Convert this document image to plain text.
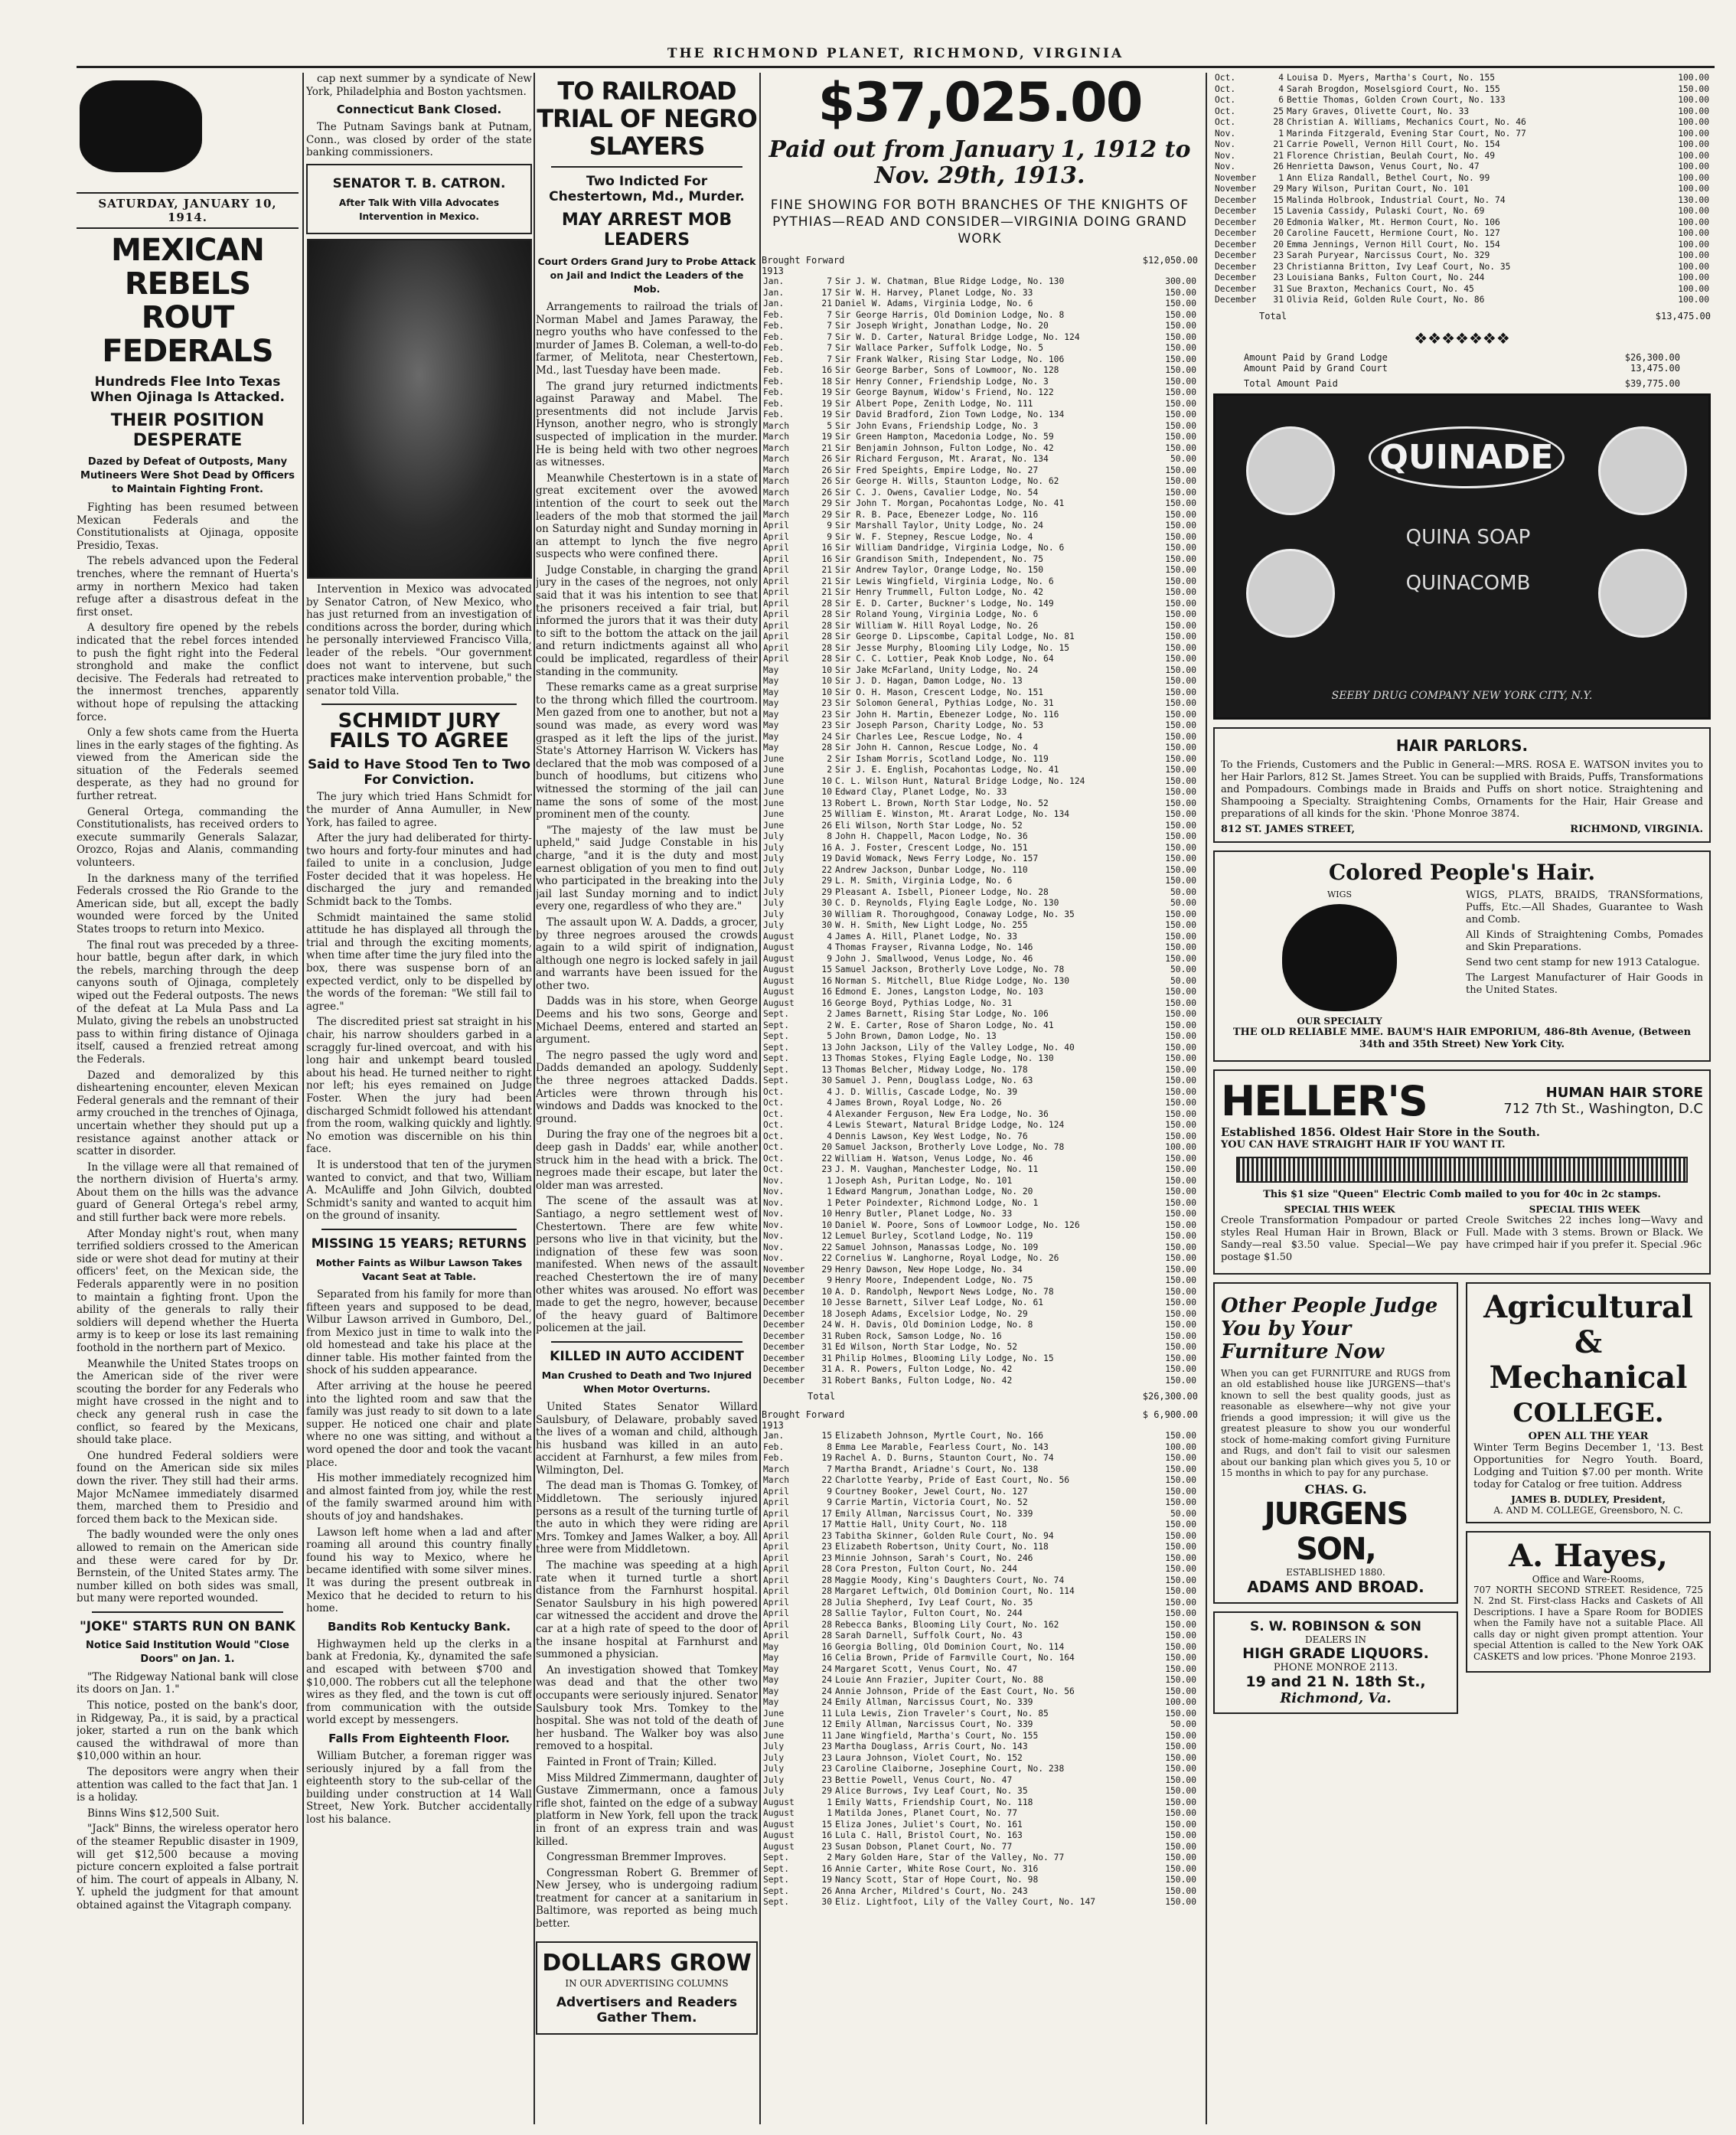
THE RICHMOND PLANET, RICHMOND, VIRGINIA
SATURDAY, JANUARY 10, 1914.
MEXICAN REBELS ROUT FEDERALS
Hundreds Flee Into Texas When Ojinaga Is Attacked.
THEIR POSITION DESPERATE
Dazed by Defeat of Outposts, Many Mutineers Were Shot Dead by Officers to Maintain Fighting Front.

Fighting has been resumed between Mexican Federals and the Constitutionalists at Ojinaga, opposite Presidio, Texas.

The rebels advanced upon the Federal trenches, where the remnant of Huerta's army in northern Mexico had taken refuge after a disastrous defeat in the first onset.

A desultory fire opened by the rebels indicated that the rebel forces intended to push the fight right into the Federal stronghold and make the conflict decisive. The Federals had retreated to the innermost trenches, apparently without hope of repulsing the attacking force.

Only a few shots came from the Huerta lines in the early stages of the fighting. As viewed from the American side the situation of the Federals seemed desperate, as they had no ground for further retreat.

General Ortega, commanding the Constitutionalists, has received orders to execute summarily Generals Salazar, Orozco, Rojas and Alanis, commanding volunteers.

In the darkness many of the terrified Federals crossed the Rio Grande to the American side, but all, except the badly wounded were forced by the United States troops to return into Mexico.

The final rout was preceded by a three-hour battle, begun after dark, in which the rebels, marching through the deep canyons south of Ojinaga, completely wiped out the Federal outposts. The news of the defeat at La Mula Pass and La Mulato, giving the rebels an unobstructed pass to within firing distance of Ojinaga itself, caused a frenzied retreat among the Federals.

Dazed and demoralized by this disheartening encounter, eleven Mexican Federal generals and the remnant of their army crouched in the trenches of Ojinaga, uncertain whether they should put up a resistance against another attack or scatter in disorder.

In the village were all that remained of the northern division of Huerta's army. About them on the hills was the advance guard of General Ortega's rebel army, and still further back were more rebels.

After Monday night's rout, when many terrified soldiers crossed to the American side or were shot dead for mutiny at their officers' feet, on the Mexican side, the Federals apparently were in no position to maintain a fighting front. Upon the ability of the generals to rally their soldiers will depend whether the Huerta army is to keep or lose its last remaining foothold in the northern part of Mexico.

Meanwhile the United States troops on the American side of the river were scouting the border for any Federals who might have crossed in the night and to check any general rush in case the conflict, so feared by the Mexicans, should take place.

One hundred Federal soldiers were found on the American side six miles down the river. They still had their arms. Major McNamee immediately disarmed them, marched them to Presidio and forced them back to the Mexican side.

The badly wounded were the only ones allowed to remain on the American side and these were cared for by Dr. Bernstein, of the United States army. The number killed on both sides was small, but many were reported wounded.

"JOKE" STARTS RUN ON BANK
Notice Said Institution Would "Close Doors" on Jan. 1.

"The Ridgeway National bank will close its doors on Jan. 1."

This notice, posted on the bank's door, in Ridgeway, Pa., it is said, by a practical joker, started a run on the bank which caused the withdrawal of more than $10,000 within an hour.

The depositors were angry when their attention was called to the fact that Jan. 1 is a holiday.

Binns Wins $12,500 Suit.

"Jack" Binns, the wireless operator hero of the steamer Republic disaster in 1909, will get $12,500 because a moving picture concern exploited a false portrait of him. The court of appeals in Albany, N. Y. upheld the judgment for that amount obtained against the Vitagraph company.

cap next summer by a syndicate of New York, Philadelphia and Boston yachtsmen.

Connecticut Bank Closed.

The Putnam Savings bank at Putnam, Conn., was closed by order of the state banking commissioners.

SENATOR T. B. CATRON.
After Talk With Villa Advocates Intervention in Mexico.

Intervention in Mexico was advocated by Senator Catron, of New Mexico, who has just returned from an investigation of conditions across the border, during which he personally interviewed Francisco Villa, leader of the rebels. "Our government does not want to intervene, but such practices make intervention probable," the senator told Villa.

SCHMIDT JURY FAILS TO AGREE
Said to Have Stood Ten to Two For Conviction.

The jury which tried Hans Schmidt for the murder of Anna Aumuller, in New York, has failed to agree.

After the jury had deliberated for thirty-two hours and forty-four minutes and had failed to unite in a conclusion, Judge Foster decided that it was hopeless. He discharged the jury and remanded Schmidt back to the Tombs.

Schmidt maintained the same stolid attitude he has displayed all through the trial and through the exciting moments, when time after time the jury filed into the box, there was suspense born of an expected verdict, only to be dispelled by the words of the foreman: "We still fail to agree."

The discredited priest sat straight in his chair, his narrow shoulders garbed in a scraggly fur-lined overcoat, and with his long hair and unkempt beard tousled about his head. He turned neither to right nor left; his eyes remained on Judge Foster. When the jury had been discharged Schmidt followed his attendant from the room, walking quickly and lightly. No emotion was discernible on his thin face.

It is understood that ten of the jurymen wanted to convict, and that two, William A. McAuliffe and John Gilvich, doubted Schmidt's sanity and wanted to acquit him on the ground of insanity.

MISSING 15 YEARS; RETURNS
Mother Faints as Wilbur Lawson Takes Vacant Seat at Table.

Separated from his family for more than fifteen years and supposed to be dead, Wilbur Lawson arrived in Gumboro, Del., from Mexico just in time to walk into the old homestead and take his place at the dinner table. His mother fainted from the shock of his sudden appearance.

After arriving at the house he peered into the lighted room and saw that the family was just ready to sit down to a late supper. He noticed one chair and plate where no one was sitting, and without a word opened the door and took the vacant place.

His mother immediately recognized him and almost fainted from joy, while the rest of the family swarmed around him with shouts of joy and handshakes.

Lawson left home when a lad and after roaming all around this country finally found his way to Mexico, where he became identified with some silver mines. It was during the present outbreak in Mexico that he decided to return to his home.

Bandits Rob Kentucky Bank.

Highwaymen held up the clerks in a bank at Fredonia, Ky., dynamited the safe and escaped with between $700 and $10,000. The robbers cut all the telephone wires as they fled, and the town is cut off from communication with the outside world except by messengers.

Falls From Eighteenth Floor.

William Butcher, a foreman rigger was seriously injured by a fall from the eighteenth story to the sub-cellar of the building under construction at 14 Wall Street, New York. Butcher accidentally lost his balance.

TO RAILROAD TRIAL OF NEGRO SLAYERS
Two Indicted For Chestertown, Md., Murder.
MAY ARREST MOB LEADERS
Court Orders Grand Jury to Probe Attack on Jail and Indict the Leaders of the Mob.

Arrangements to railroad the trials of Norman Mabel and James Paraway, the negro youths who have confessed to the murder of James B. Coleman, a well-to-do farmer, of Melitota, near Chestertown, Md., last Tuesday have been made.

The grand jury returned indictments against Paraway and Mabel. The presentments did not include Jarvis Hynson, another negro, who is strongly suspected of implication in the murder. He is being held with two other negroes as witnesses.

Meanwhile Chestertown is in a state of great excitement over the avowed intention of the court to seek out the leaders of the mob that stormed the jail on Saturday night and Sunday morning in an attempt to lynch the five negro suspects who were confined there.

Judge Constable, in charging the grand jury in the cases of the negroes, not only said that it was his intention to see that the prisoners received a fair trial, but informed the jurors that it was their duty to sift to the bottom the attack on the jail and return indictments against all who could be implicated, regardless of their standing in the community.

These remarks came as a great surprise to the throng which filled the courtroom. Men gazed from one to another, but not a sound was made, as every word was grasped as it left the lips of the jurist. State's Attorney Harrison W. Vickers has declared that the mob was composed of a bunch of hoodlums, but citizens who witnessed the storming of the jail can name the sons of some of the most prominent men of the county.

"The majesty of the law must be upheld," said Judge Constable in his charge, "and it is the duty and most earnest obligation of you men to find out who participated in the breaking into the jail last Sunday morning and to indict every one, regardless of who they are."

The assault upon W. A. Dadds, a grocer, by three negroes aroused the crowds again to a wild spirit of indignation, although one negro is locked safely in jail and warrants have been issued for the other two.

Dadds was in his store, when George Deems and his two sons, George and Michael Deems, entered and started an argument.

The negro passed the ugly word and Dadds demanded an apology. Suddenly the three negroes attacked Dadds. Articles were thrown through his windows and Dadds was knocked to the ground.

During the fray one of the negroes bit a deep gash in Dadds' ear, while another struck him in the head with a brick. The negroes made their escape, but later the older man was arrested.

The scene of the assault was at Santiago, a negro settlement west of Chestertown. There are few white persons who live in that vicinity, but the indignation of these few was soon manifested. When news of the assault reached Chestertown the ire of many other whites was aroused. No effort was made to get the negro, however, because of the heavy guard of Baltimore policemen at the jail.

KILLED IN AUTO ACCIDENT
Man Crushed to Death and Two Injured When Motor Overturns.

United States Senator Willard Saulsbury, of Delaware, probably saved the lives of a woman and child, although his husband was killed in an auto accident at Farnhurst, a few miles from Wilmington, Del.

The dead man is Thomas G. Tomkey, of Middletown. The seriously injured persons as a result of the turning turtle of the auto in which they were riding are Mrs. Tomkey and James Walker, a boy. All three were from Middletown.

The machine was speeding at a high rate when it turned turtle a short distance from the Farnhurst hospital. Senator Saulsbury in his high powered car witnessed the accident and drove the car at a high rate of speed to the door of the insane hospital at Farnhurst and summoned a physician.

An investigation showed that Tomkey was dead and that the other two occupants were seriously injured. Senator Saulsbury took Mrs. Tomkey to the hospital. She was not told of the death of her husband. The Walker boy was also removed to a hospital.

Fainted in Front of Train; Killed.

Miss Mildred Zimmermann, daughter of Gustave Zimmermann, once a famous rifle shot, fainted on the edge of a subway platform in New York, fell upon the track in front of an express train and was killed.

Congressman Bremmer Improves.

Congressman Robert G. Bremmer of New Jersey, who is undergoing radium treatment for cancer at a sanitarium in Baltimore, was reported as being much better.

DOLLARS GROW
IN OUR ADVERTISING COLUMNS
Advertisers and Readers Gather Them.
$37,025.00
Paid out from January 1, 1912 to Nov. 29th, 1913.
FINE SHOWING FOR BOTH BRANCHES OF THE KNIGHTS OF PYTHIAS—READ AND CONSIDER—VIRGINIA DOING GRAND WORK
Brought Forward	$12,050.00
1913
Jan.	7	Sir J. W. Chatman, Blue Ridge Lodge, No. 130	300.00
Jan.	17	Sir W. H. Harvey, Planet Lodge, No. 33	150.00
Jan.	21	Daniel W. Adams, Virginia Lodge, No. 6	150.00
Feb.	7	Sir George Harris, Old Dominion Lodge, No. 8	150.00
Feb.	7	Sir Joseph Wright, Jonathan Lodge, No. 20	150.00
Feb.	7	Sir W. D. Carter, Natural Bridge Lodge, No. 124	150.00
Feb.	7	Sir Wallace Parker, Suffolk Lodge, No. 5	150.00
Feb.	7	Sir Frank Walker, Rising Star Lodge, No. 106	150.00
Feb.	16	Sir George Barber, Sons of Lowmoor, No. 128	150.00
Feb.	18	Sir Henry Conner, Friendship Lodge, No. 3	150.00
Feb.	19	Sir George Baynum, Widow's Friend, No. 122	150.00
Feb.	19	Sir Albert Pope, Zenith Lodge, No. 111	150.00
Feb.	19	Sir David Bradford, Zion Town Lodge, No. 134	150.00
March	5	Sir John Evans, Friendship Lodge, No. 3	150.00
March	19	Sir Green Hampton, Macedonia Lodge, No. 59	150.00
March	21	Sir Benjamin Johnson, Fulton Lodge, No. 42	150.00
March	26	Sir Richard Ferguson, Mt. Ararat, No. 134	50.00
March	26	Sir Fred Speights, Empire Lodge, No. 27	150.00
March	26	Sir George H. Wills, Staunton Lodge, No. 62	150.00
March	26	Sir C. J. Owens, Cavalier Lodge, No. 54	150.00
March	29	Sir John T. Morgan, Pocahontas Lodge, No. 41	150.00
March	29	Sir R. B. Pace, Ebenezer Lodge, No. 116	150.00
April	9	Sir Marshall Taylor, Unity Lodge, No. 24	150.00
April	9	Sir W. F. Stepney, Rescue Lodge, No. 4	150.00
April	16	Sir William Dandridge, Virginia Lodge, No. 6	150.00
April	16	Sir Grandison Smith, Independent, No. 75	150.00
April	21	Sir Andrew Taylor, Orange Lodge, No. 150	150.00
April	21	Sir Lewis Wingfield, Virginia Lodge, No. 6	150.00
April	21	Sir Henry Trummell, Fulton Lodge, No. 42	150.00
April	28	Sir E. D. Carter, Buckner's Lodge, No. 149	150.00
April	28	Sir Roland Young, Virginia Lodge, No. 6	150.00
April	28	Sir William W. Hill Royal Lodge, No. 26	150.00
April	28	Sir George D. Lipscombe, Capital Lodge, No. 81	150.00
April	28	Sir Jesse Murphy, Blooming Lily Lodge, No. 15	150.00
April	28	Sir C. C. Lottier, Peak Knob Lodge, No. 64	150.00
May	10	Sir Jake McFarland, Unity Lodge, No. 24	150.00
May	10	Sir J. D. Hagan, Damon Lodge, No. 13	150.00
May	10	Sir O. H. Mason, Crescent Lodge, No. 151	150.00
May	23	Sir Solomon General, Pythias Lodge, No. 31	150.00
May	23	Sir John H. Martin, Ebenezer Lodge, No. 116	150.00
May	23	Sir Joseph Parson, Charity Lodge, No. 53	150.00
May	24	Sir Charles Lee, Rescue Lodge, No. 4	150.00
May	28	Sir John H. Cannon, Rescue Lodge, No. 4	150.00
June	2	Sir Isham Morris, Scotland Lodge, No. 119	150.00
June	2	Sir J. E. English, Pocahontas Lodge, No. 41	150.00
June	10	C. L. Wilson Hunt, Natural Bridge Lodge, No. 124	150.00
June	10	Edward Clay, Planet Lodge, No. 33	150.00
June	13	Robert L. Brown, North Star Lodge, No. 52	150.00
June	25	William E. Winston, Mt. Ararat Lodge, No. 134	150.00
June	26	Eli Wilson, North Star Lodge, No. 52	150.00
July	8	John H. Chappell, Macon Lodge, No. 36	150.00
July	16	A. J. Foster, Crescent Lodge, No. 151	150.00
July	19	David Womack, News Ferry Lodge, No. 157	150.00
July	22	Andrew Jackson, Dunbar Lodge, No. 110	150.00
July	29	L. M. Smith, Virginia Lodge, No. 6	150.00
July	29	Pleasant A. Isbell, Pioneer Lodge, No. 28	50.00
July	30	C. D. Reynolds, Flying Eagle Lodge, No. 130	50.00
July	30	William R. Thoroughgood, Conaway Lodge, No. 35	150.00
July	30	W. H. Smith, New Light Lodge, No. 255	150.00
August	4	James A. Hill, Planet Lodge, No. 33	150.00
August	4	Thomas Frayser, Rivanna Lodge, No. 146	150.00
August	9	John J. Smallwood, Venus Lodge, No. 46	150.00
August	15	Samuel Jackson, Brotherly Love Lodge, No. 78	50.00
August	16	Norman S. Mitchell, Blue Ridge Lodge, No. 130	50.00
August	16	Edmond E. Jones, Langston Lodge, No. 103	150.00
August	16	George Boyd, Pythias Lodge, No. 31	150.00
Sept.	2	James Barnett, Rising Star Lodge, No. 106	150.00
Sept.	2	W. E. Carter, Rose of Sharon Lodge, No. 41	150.00
Sept.	5	John Brown, Damon Lodge, No. 13	150.00
Sept.	13	John Jackson, Lily of the Valley Lodge, No. 40	150.00
Sept.	13	Thomas Stokes, Flying Eagle Lodge, No. 130	150.00
Sept.	13	Thomas Belcher, Midway Lodge, No. 178	150.00
Sept.	30	Samuel J. Penn, Douglass Lodge, No. 63	150.00
Oct.	4	J. D. Willis, Cascade Lodge, No. 39	150.00
Oct.	4	James Brown, Royal Lodge, No. 26	150.00
Oct.	4	Alexander Ferguson, New Era Lodge, No. 36	150.00
Oct.	4	Lewis Stewart, Natural Bridge Lodge, No. 124	150.00
Oct.	4	Dennis Lawson, Key West Lodge, No. 76	150.00
Oct.	20	Samuel Jackson, Brotherly Love Lodge, No. 78	100.00
Oct.	22	William H. Watson, Venus Lodge, No. 46	150.00
Oct.	23	J. M. Vaughan, Manchester Lodge, No. 11	150.00
Nov.	1	Joseph Ash, Puritan Lodge, No. 101	150.00
Nov.	1	Edward Mangrum, Jonathan Lodge, No. 20	150.00
Nov.	1	Peter Poindexter, Richmond Lodge, No. 1	150.00
Nov.	10	Henry Butler, Planet Lodge, No. 33	150.00
Nov.	10	Daniel W. Poore, Sons of Lowmoor Lodge, No. 126	150.00
Nov.	12	Lemuel Burley, Scotland Lodge, No. 119	150.00
Nov.	22	Samuel Johnson, Manassas Lodge, No. 109	150.00
Nov.	22	Cornelius W. Langhorne, Royal Lodge, No. 26	150.00
November	29	Henry Dawson, New Hope Lodge, No. 34	150.00
December	9	Henry Moore, Independent Lodge, No. 75	150.00
December	10	A. D. Randolph, Newport News Lodge, No. 78	150.00
December	10	Jesse Barnett, Silver Leaf Lodge, No. 61	150.00
December	18	Joseph Adams, Excelsior Lodge, No. 29	150.00
December	24	W. H. Davis, Old Dominion Lodge, No. 8	150.00
December	31	Ruben Rock, Samson Lodge, No. 16	150.00
December	31	Ed Wilson, North Star Lodge, No. 52	150.00
December	31	Philip Holmes, Blooming Lily Lodge, No. 15	150.00
December	31	A. R. Powers, Fulton Lodge, No. 42	150.00
December	31	Robert Banks, Fulton Lodge, No. 42	150.00
Total	$26,300.00
Brought Forward	$ 6,900.00
1913
Jan.	15	Elizabeth Johnson, Myrtle Court, No. 166	150.00
Feb.	8	Emma Lee Marable, Fearless Court, No. 143	100.00
Feb.	19	Rachel A. D. Burns, Staunton Court, No. 74	150.00
March	7	Martha Brandt, Ariadne's Court, No. 138	150.00
March	22	Charlotte Yearby, Pride of East Court, No. 56	150.00
April	9	Courtney Booker, Jewel Court, No. 127	150.00
April	9	Carrie Martin, Victoria Court, No. 52	150.00
April	17	Emily Allman, Narcissus Court, No. 339	50.00
April	17	Mattie Hall, Unity Court, No. 118	150.00
April	23	Tabitha Skinner, Golden Rule Court, No. 94	150.00
April	23	Elizabeth Robertson, Unity Court, No. 118	150.00
April	23	Minnie Johnson, Sarah's Court, No. 246	150.00
April	28	Cora Preston, Fulton Court, No. 244	150.00
April	28	Maggie Moody, King's Daughters Court, No. 74	150.00
April	28	Margaret Leftwich, Old Dominion Court, No. 114	150.00
April	28	Julia Shepherd, Ivy Leaf Court, No. 35	150.00
April	28	Sallie Taylor, Fulton Court, No. 244	150.00
April	28	Rebecca Banks, Blooming Lily Court, No. 162	150.00
April	28	Sarah Darnell, Suffolk Court, No. 43	150.00
May	16	Georgia Bolling, Old Dominion Court, No. 114	150.00
May	16	Celia Brown, Pride of Farmville Court, No. 164	150.00
May	24	Margaret Scott, Venus Court, No. 47	150.00
May	24	Louie Ann Frazier, Jupiter Court, No. 88	150.00
May	24	Annie Johnson, Pride of the East Court, No. 56	150.00
May	24	Emily Allman, Narcissus Court, No. 339	100.00
June	11	Lula Lewis, Zion Traveler's Court, No. 85	150.00
June	12	Emily Allman, Narcissus Court, No. 339	50.00
June	11	Jane Wingfield, Martha's Court, No. 155	150.00
July	23	Martha Douglass, Arris Court, No. 143	150.00
July	23	Laura Johnson, Violet Court, No. 152	150.00
July	23	Caroline Claiborne, Josephine Court, No. 238	150.00
July	23	Bettie Powell, Venus Court, No. 47	150.00
July	29	Alice Burrows, Ivy Leaf Court, No. 35	150.00
August	1	Emily Watts, Friendship Court, No. 118	150.00
August	1	Matilda Jones, Planet Court, No. 77	150.00
August	15	Eliza Jones, Juliet's Court, No. 161	150.00
August	16	Lula C. Hall, Bristol Court, No. 163	150.00
August	23	Susan Dobson, Planet Court, No. 77	150.00
Sept.	2	Mary Golden Hare, Star of the Valley, No. 77	150.00
Sept.	16	Annie Carter, White Rose Court, No. 316	150.00
Sept.	19	Nancy Scott, Star of Hope Court, No. 98	150.00
Sept.	26	Anna Archer, Mildred's Court, No. 243	150.00
Sept.	30	Eliz. Lightfoot, Lily of the Valley Court, No. 147	150.00
Oct.	4	Louisa D. Myers, Martha's Court, No. 155	100.00
Oct.	4	Sarah Brogdon, Moselsgiord Court, No. 155	150.00
Oct.	6	Bettie Thomas, Golden Crown Court, No. 133	100.00
Oct.	25	Mary Graves, Olivette Court, No. 33	100.00
Oct.	28	Christian A. Williams, Mechanics Court, No. 46	100.00
Nov.	1	Marinda Fitzgerald, Evening Star Court, No. 77	100.00
Nov.	21	Carrie Powell, Vernon Hill Court, No. 154	100.00
Nov.	21	Florence Christian, Beulah Court, No. 49	100.00
Nov.	26	Henrietta Dawson, Venus Court, No. 47	100.00
November	1	Ann Eliza Randall, Bethel Court, No. 99	100.00
November	29	Mary Wilson, Puritan Court, No. 101	100.00
December	15	Malinda Holbrook, Industrial Court, No. 74	130.00
December	15	Lavenia Cassidy, Pulaski Court, No. 69	100.00
December	20	Edmonia Walker, Mt. Hermon Court, No. 106	100.00
December	20	Caroline Faucett, Hermione Court, No. 127	100.00
December	20	Emma Jennings, Vernon Hill Court, No. 154	100.00
December	23	Sarah Puryear, Narcissus Court, No. 329	100.00
December	23	Christianna Britton, Ivy Leaf Court, No. 35	100.00
December	23	Louisiana Banks, Fulton Court, No. 244	100.00
December	31	Sue Braxton, Mechanics Court, No. 45	100.00
December	31	Olivia Reid, Golden Rule Court, No. 86	100.00
Total	$13,475.00
❖❖❖❖❖❖❖
Amount Paid by Grand Lodge	$26,300.00
Amount Paid by Grand Court	13,475.00
Total Amount Paid	$39,775.00
QUINADE
QUINA SOAP
QUINACOMB
SEEBY DRUG COMPANY NEW YORK CITY, N.Y.
HAIR PARLORS.

To the Friends, Customers and the Public in General:—MRS. ROSA E. WATSON invites you to her Hair Parlors, 812 St. James Street. You can be supplied with Braids, Puffs, Transformations and Pompadours. Combings made in Braids and Puffs on short notice. Straightening and Shampooing a Specialty. Straightening Combs, Ornaments for the Hair, Hair Grease and preparations of all kinds for the skin. 'Phone Monroe 3874.

812 ST. JAMES STREET,	RICHMOND, VIRGINIA.
Colored People's Hair.
WIGS
OUR SPECIALTY

WIGS, PLATS, BRAIDS, TRANSformations, Puffs, Etc.—All Shades, Guarantee to Wash and Comb.

All Kinds of Straightening Combs, Pomades and Skin Preparations.

Send two cent stamp for new 1913 Catalogue.

The Largest Manufacturer of Hair Goods in the United States.

THE OLD RELIABLE MME. BAUM'S HAIR EMPORIUM, 486-8th Avenue, (Between 34th and 35th Street) New York City.

HELLER'S	HUMAN HAIR STORE
712 7th St., Washington, D.C
Established 1856. Oldest Hair Store in the South.
YOU CAN HAVE STRAIGHT HAIR IF YOU WANT IT.

This $1 size "Queen" Electric Comb mailed to you for 40c in 2c stamps.

SPECIAL THIS WEEK

Creole Transformation Pompadour or parted styles Real Human Hair in Brown, Black or Sandy—real $3.50 value. Special—We pay postage $1.50

SPECIAL THIS WEEK

Creole Switches 22 inches long—Wavy and Full. Made with 3 stems. Brown or Black. We have crimped hair if you prefer it. Special .96c

Other People Judge You by Your Furniture Now

When you can get FURNITURE and RUGS from an old established house like JURGENS—that's known to sell the best quality goods, just as reasonable as elsewhere—why not give your friends a good impression; it will give us the greatest pleasure to show you our wonderful stock of home-making comfort giving Furniture and Rugs, and don't fail to visit our salesmen about our banking plan which gives you 5, 10 or 15 months in which to pay for any purchase.

CHAS. G.
JURGENS SON,
ESTABLISHED 1880.
ADAMS AND BROAD.
S. W. ROBINSON & SON
DEALERS IN
HIGH GRADE LIQUORS.
PHONE MONROE 2113.
19 and 21 N. 18th St.,
Richmond, Va.
Agricultural & Mechanical
COLLEGE.
OPEN ALL THE YEAR

Winter Term Begins December 1, '13. Best Opportunities for Negro Youth. Board, Lodging and Tuition $7.00 per month. Write today for Catalog or free tuition. Address

JAMES B. DUDLEY, President,
A. AND M. COLLEGE, Greensboro, N. C.
A. Hayes,
Office and Ware-Rooms,

707 NORTH SECOND STREET. Residence, 725 N. 2nd St. First-class Hacks and Caskets of All Descriptions. I have a Spare Room for BODIES when the Family have not a suitable Place. All calls day or night given prompt attention. Your special Attention is called to the New York OAK CASKETS and low prices. 'Phone Monroe 2193.
